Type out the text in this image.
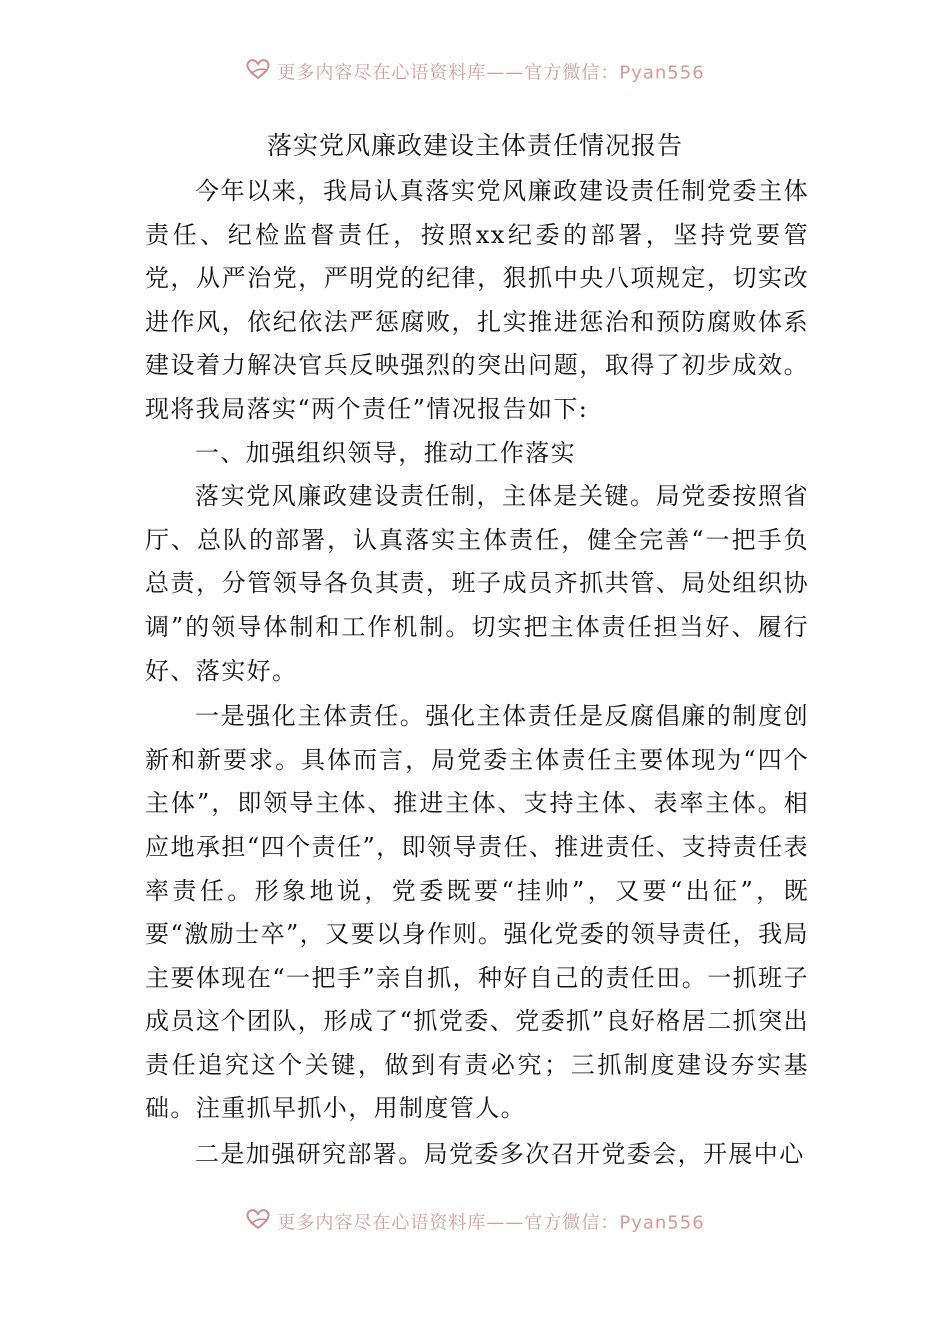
更多内容尽在心语资料库——官方微信：Pyan556
落实党风廉政建设主体责任情况报告

今年以来，我局认真落实党风廉政建设责任制党委主体责任、纪检监督责任，按照xx纪委的部署，坚持党要管党，从严治党，严明党的纪律，狠抓中央八项规定，切实改进作风，依纪依法严惩腐败，扎实推进惩治和预防腐败体系建设着力解决官兵反映强烈的突出问题，取得了初步成效。现将我局落实“两个责任”情况报告如下:

一、加强组织领导，推动工作落实

落实党风廉政建设责任制，主体是关键。局党委按照省厅、总队的部署，认真落实主体责任，健全完善“一把手负总责，分管领导各负其责，班子成员齐抓共管、局处组织协调”的领导体制和工作机制。切实把主体责任担当好、履行好、落实好。

一是强化主体责任。强化主体责任是反腐倡廉的制度创新和新要求。具体而言，局党委主体责任主要体现为“四个主体”，即领导主体、推进主体、支持主体、表率主体。相应地承担“四个责任”，即领导责任、推进责任、支持责任表率责任。形象地说，党委既要“挂帅”，又要“出征”，既要“激励士卒”，又要以身作则。强化党委的领导责任，我局主要体现在“一把手”亲自抓，种好自己的责任田。一抓班子成员这个团队，形成了“抓党委、党委抓”良好格居二抓突出责任追究这个关键，做到有责必究；三抓制度建设夯实基础。注重抓早抓小，用制度管人。

二是加强研究部署。局党委多次召开党委会，开展中心

更多内容尽在心语资料库——官方微信：Pyan556
